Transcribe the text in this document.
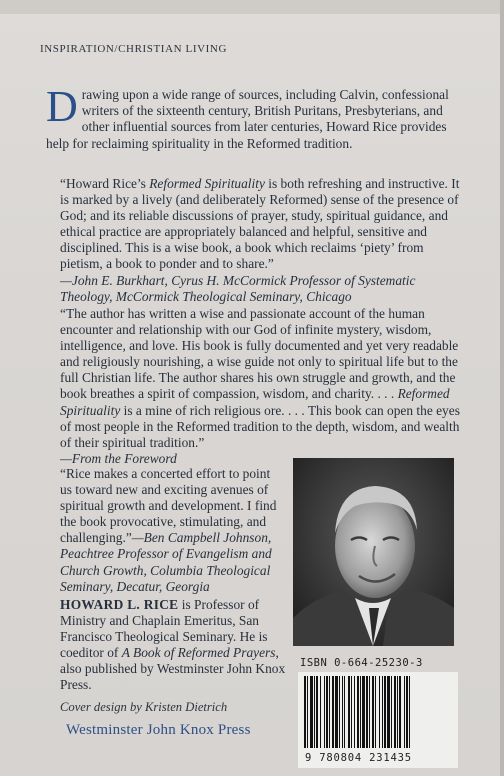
INSPIRATION/CHRISTIAN LIVING
Drawing upon a wide range of sources, including Calvin, confessional writers of the sixteenth century, British Puritans, Presbyterians, and other influential sources from later centuries, Howard Rice provides help for reclaiming spirituality in the Reformed tradition.
“Howard Rice’s Reformed Spirituality is both refreshing and instructive. It is marked by a lively (and deliberately Reformed) sense of the presence of God; and its reliable discussions of prayer, study, spiritual guidance, and ethical practice are appropriately balanced and helpful, sensitive and disciplined. This is a wise book, a book which reclaims ‘piety’ from pietism, a book to ponder and to share.”
—John E. Burkhart, Cyrus H. McCormick Professor of Systematic Theology, McCormick Theological Seminary, Chicago
“The author has written a wise and passionate account of the human encounter and relationship with our God of infinite mystery, wisdom, intelligence, and love. His book is fully documented and yet very readable and religiously nourishing, a wise guide not only to spiritual life but to the full Christian life. The author shares his own struggle and growth, and the book breathes a spirit of compassion, wisdom, and charity. . . . Reformed Spirituality is a mine of rich religious ore. . . . This book can open the eyes of most people in the Reformed tradition to the depth, wisdom, and wealth of their spiritual tradition.”
—From the Foreword
“Rice makes a concerted effort to point us toward new and exciting avenues of spiritual growth and development. I find the book provocative, stimulating, and challenging.”—Ben Campbell Johnson, Peachtree Professor of Evangelism and Church Growth, Columbia Theological Seminary, Decatur, Georgia
HOWARD L. RICE is Professor of Ministry and Chaplain Emeritus, San Francisco Theological Seminary. He is coeditor of A Book of Reformed Prayers, also published by Westminster John Knox Press.
Cover design by Kristen Dietrich
Westminster John Knox Press
ISBN 0-664-25230-3
9 780804 231435
